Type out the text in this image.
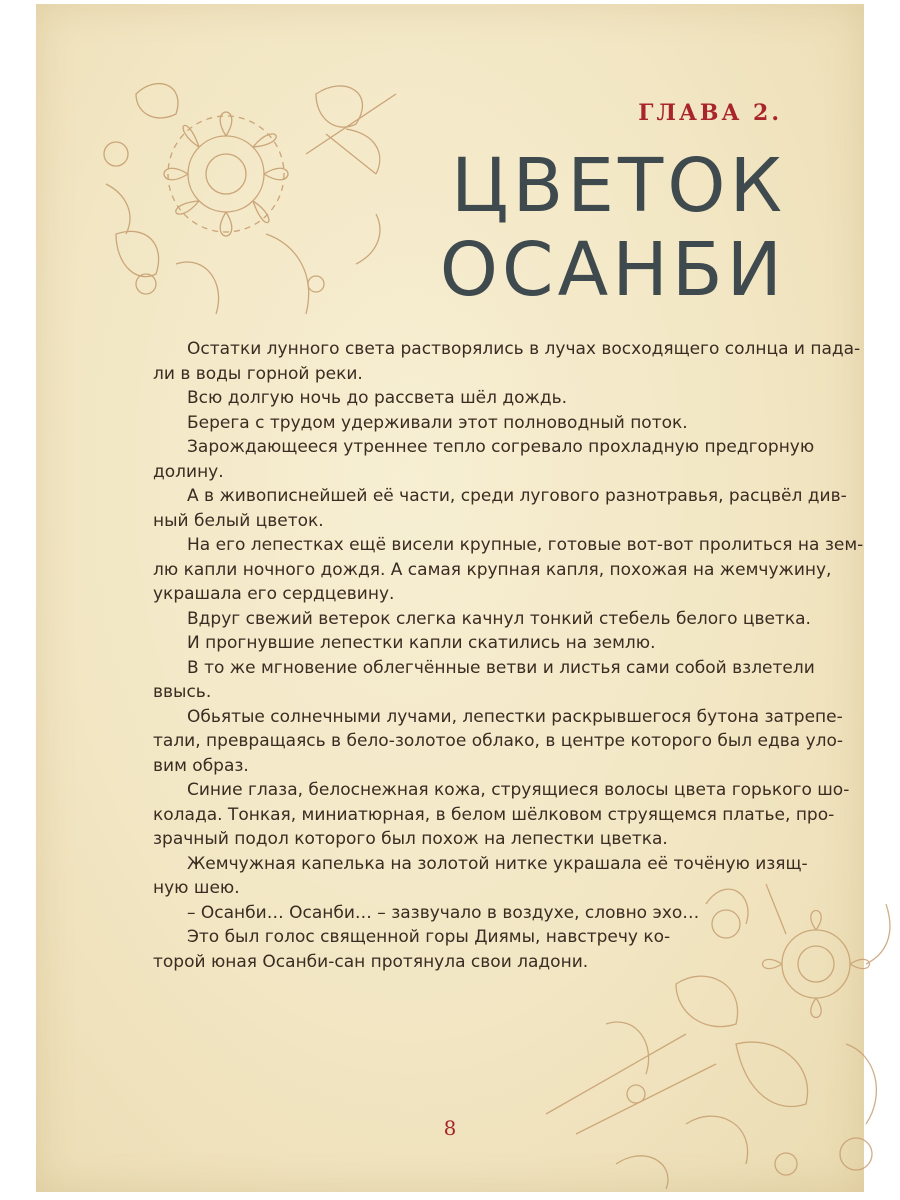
ГЛАВА 2.
ЦВЕТОК
ОСАНБИ
Остатки лунного света растворялись в лучах восходящего солнца и пада-
ли в воды горной реки.
Всю долгую ночь до рассвета шёл дождь.
Берега с трудом удерживали этот полноводный поток.
Зарождающееся утреннее тепло согревало прохладную предгорную
долину.
А в живописнейшей её части, среди лугового разнотравья, расцвёл див-
ный белый цветок.
На его лепестках ещё висели крупные, готовые вот-вот пролиться на зем-
лю капли ночного дождя. А самая крупная капля, похожая на жемчужину,
украшала его сердцевину.
Вдруг свежий ветерок слегка качнул тонкий стебель белого цветка.
И прогнувшие лепестки капли скатились на землю.
В то же мгновение облегчённые ветви и листья сами собой взлетели
ввысь.
Обьятые солнечными лучами, лепестки раскрывшегося бутона затрепе-
тали, превращаясь в бело-золотое облако, в центре которого был едва уло-
вим образ.
Синие глаза, белоснежная кожа, струящиеся волосы цвета горького шо-
колада. Тонкая, миниатюрная, в белом шёлковом струящемся платье, про-
зрачный подол которого был похож на лепестки цветка.
Жемчужная капелька на золотой нитке украшала её точёную изящ-
ную шею.
– Осанби… Осанби… – зазвучало в воздухе, словно эхо…
Это был голос священной горы Диямы, навстречу ко-
торой юная Осанби-сан протянула свои ладони.
8
